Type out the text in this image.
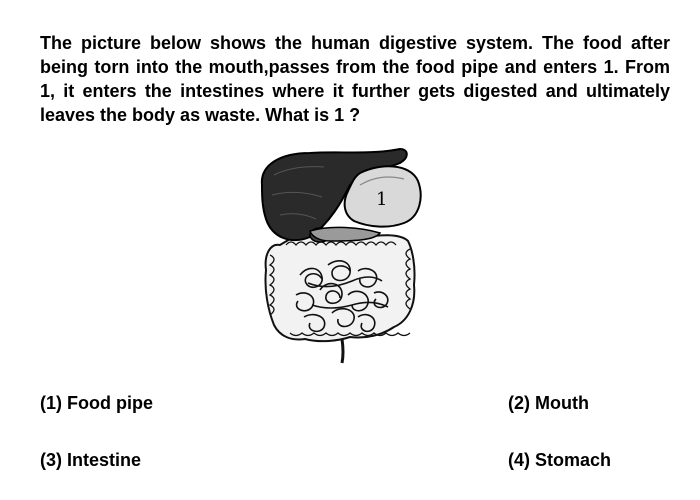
The picture below shows the human digestive system. The food after being torn into the mouth,passes from the food pipe and enters 1. From 1, it enters the intestines where it further gets digested and ultimately leaves the body as waste. What is 1 ?

1
(1) Food pipe	(2) Mouth
(3) Intestine	(4) Stomach
